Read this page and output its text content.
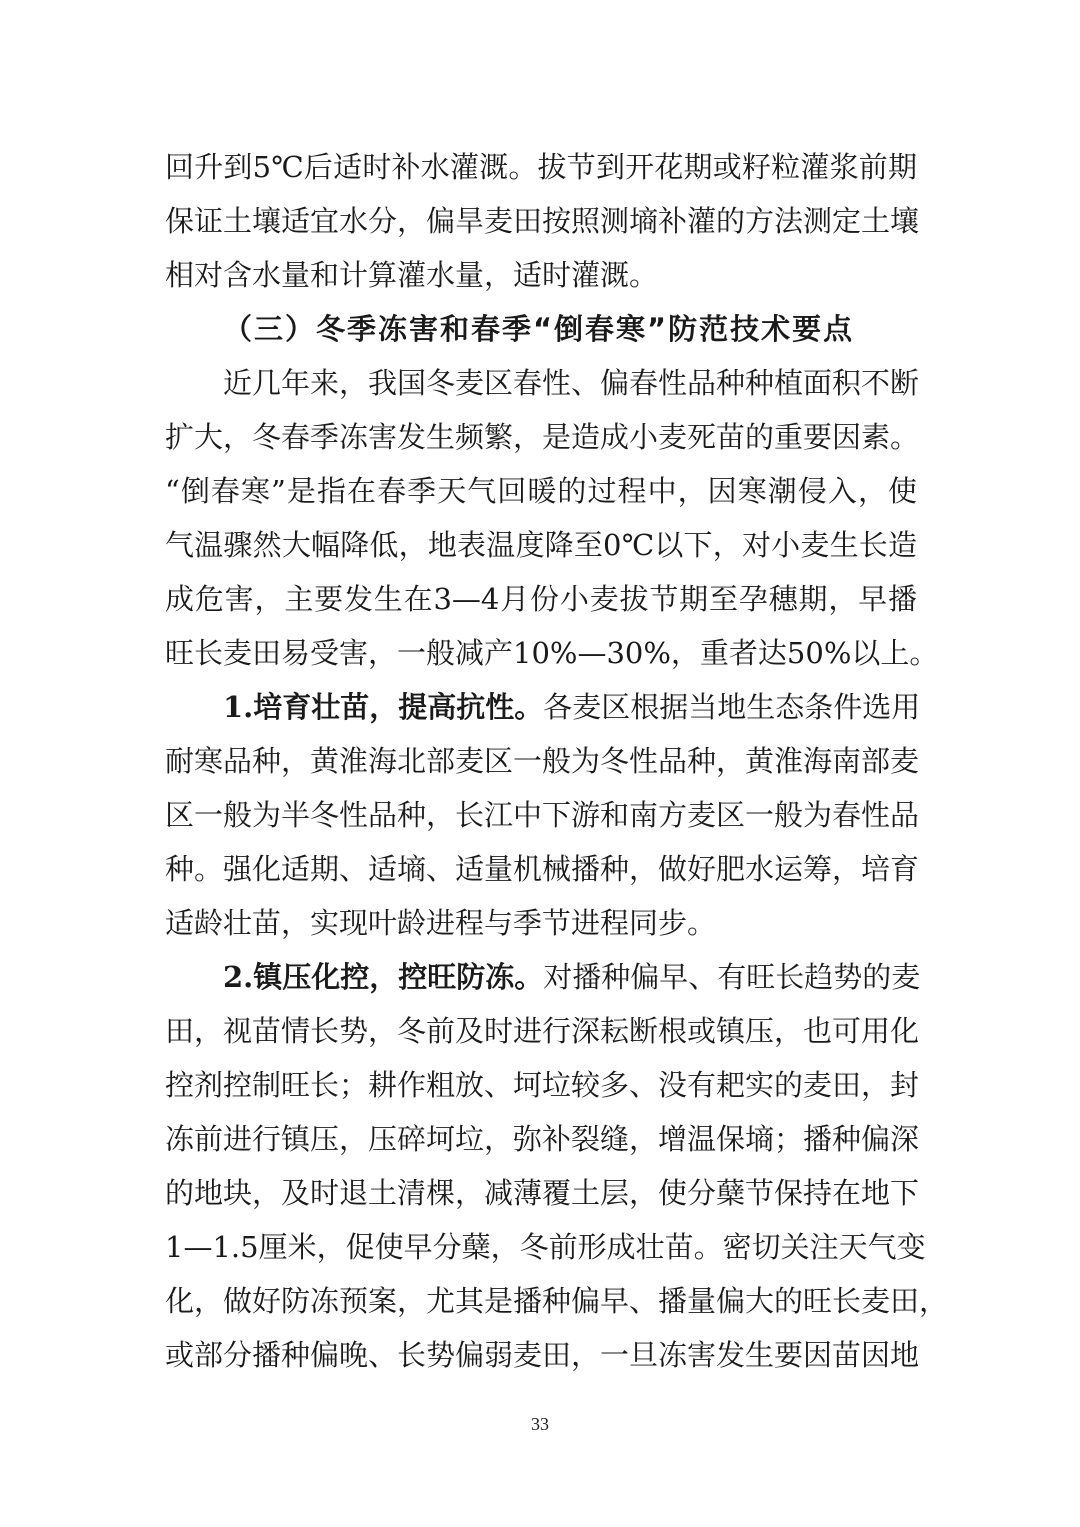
回升到5℃后适时补水灌溉。拔节到开花期或籽粒灌浆前期
保证土壤适宜水分，偏旱麦田按照测墒补灌的方法测定土壤
相对含水量和计算灌水量，适时灌溉。
（三）冬季冻害和春季“倒春寒”防范技术要点
近几年来，我国冬麦区春性、偏春性品种种植面积不断
扩大，冬春季冻害发生频繁，是造成小麦死苗的重要因素。
“倒春寒”是指在春季天气回暖的过程中，因寒潮侵入，使
气温骤然大幅降低，地表温度降至0℃以下，对小麦生长造
成危害，主要发生在3—4月份小麦拔节期至孕穗期，早播
旺长麦田易受害，一般减产10%—30%，重者达50%以上。
1.培育壮苗，提高抗性。各麦区根据当地生态条件选用
耐寒品种，黄淮海北部麦区一般为冬性品种，黄淮海南部麦
区一般为半冬性品种，长江中下游和南方麦区一般为春性品
种。强化适期、适墒、适量机械播种，做好肥水运筹，培育
适龄壮苗，实现叶龄进程与季节进程同步。
2.镇压化控，控旺防冻。对播种偏早、有旺长趋势的麦
田，视苗情长势，冬前及时进行深耘断根或镇压，也可用化
控剂控制旺长；耕作粗放、坷垃较多、没有耙实的麦田，封
冻前进行镇压，压碎坷垃，弥补裂缝，增温保墒；播种偏深
的地块，及时退土清棵，减薄覆土层，使分蘖节保持在地下
1—1.5厘米，促使早分蘖，冬前形成壮苗。密切关注天气变
化，做好防冻预案，尤其是播种偏早、播量偏大的旺长麦田，
或部分播种偏晚、长势偏弱麦田，一旦冻害发生要因苗因地
33
